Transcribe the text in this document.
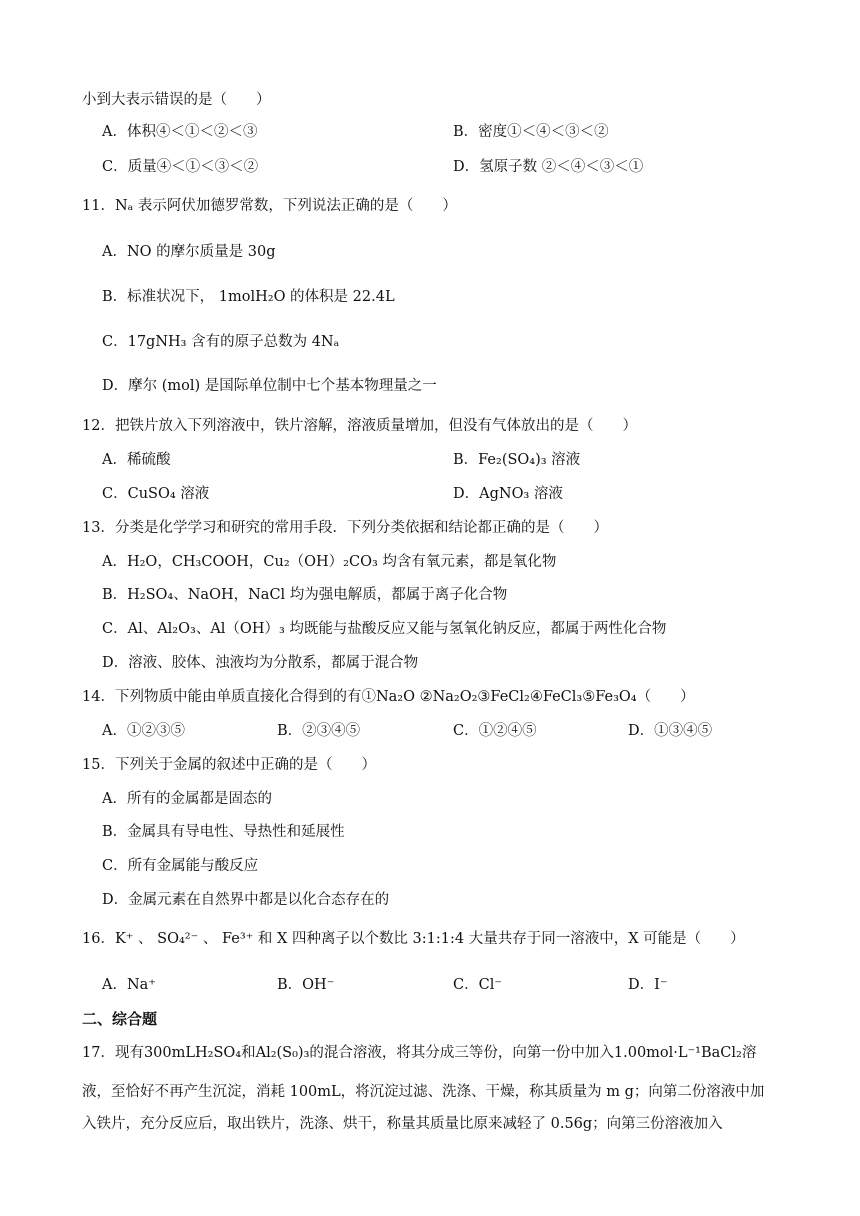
小到大表示错误的是（　　）
A．体积④＜①＜②＜③	B．密度①＜④＜③＜②
C．质量④＜①＜③＜②	D．氢原子数 ②＜④＜③＜①
11．Nₐ 表示阿伏加德罗常数，下列说法正确的是（　　）
A．NO 的摩尔质量是 30g
B．标准状况下， 1molH₂O 的体积是 22.4L
C．17gNH₃ 含有的原子总数为 4Nₐ
D．摩尔 (mol) 是国际单位制中七个基本物理量之一
12．把铁片放入下列溶液中，铁片溶解，溶液质量增加，但没有气体放出的是（　　）
A．稀硫酸	B．Fe₂(SO₄)₃ 溶液
C．CuSO₄ 溶液	D．AgNO₃ 溶液
13．分类是化学学习和研究的常用手段．下列分类依据和结论都正确的是（　　）
A．H₂O，CH₃COOH，Cu₂（OH）₂CO₃ 均含有氧元素，都是氧化物
B．H₂SO₄、NaOH，NaCl 均为强电解质，都属于离子化合物
C．Al、Al₂O₃、Al（OH）₃ 均既能与盐酸反应又能与氢氧化钠反应，都属于两性化合物
D．溶液、胶体、浊液均为分散系，都属于混合物
14．下列物质中能由单质直接化合得到的有①Na₂O ②Na₂O₂③FeCl₂④FeCl₃⑤Fe₃O₄（　　）
A．①②③⑤	B．②③④⑤	C．①②④⑤	D．①③④⑤
15．下列关于金属的叙述中正确的是（　　）
A．所有的金属都是固态的
B．金属具有导电性、导热性和延展性
C．所有金属能与酸反应
D．金属元素在自然界中都是以化合态存在的
16．K⁺ 、 SO₄²⁻ 、 Fe³⁺ 和 X 四种离子以个数比 3:1:1:4 大量共存于同一溶液中，X 可能是（　　）
A．Na⁺	B．OH⁻	C．Cl⁻	D．I⁻
二、综合题
17．现有300mLH₂SO₄和Al₂(S₀)₃的混合溶液，将其分成三等份，向第一份中加入1.00mol·L⁻¹BaCl₂溶
液，至恰好不再产生沉淀，消耗 100mL，将沉淀过滤、洗涤、干燥，称其质量为 m g；向第二份溶液中加
入铁片，充分反应后，取出铁片，洗涤、烘干，称量其质量比原来减轻了 0.56g；向第三份溶液加入
